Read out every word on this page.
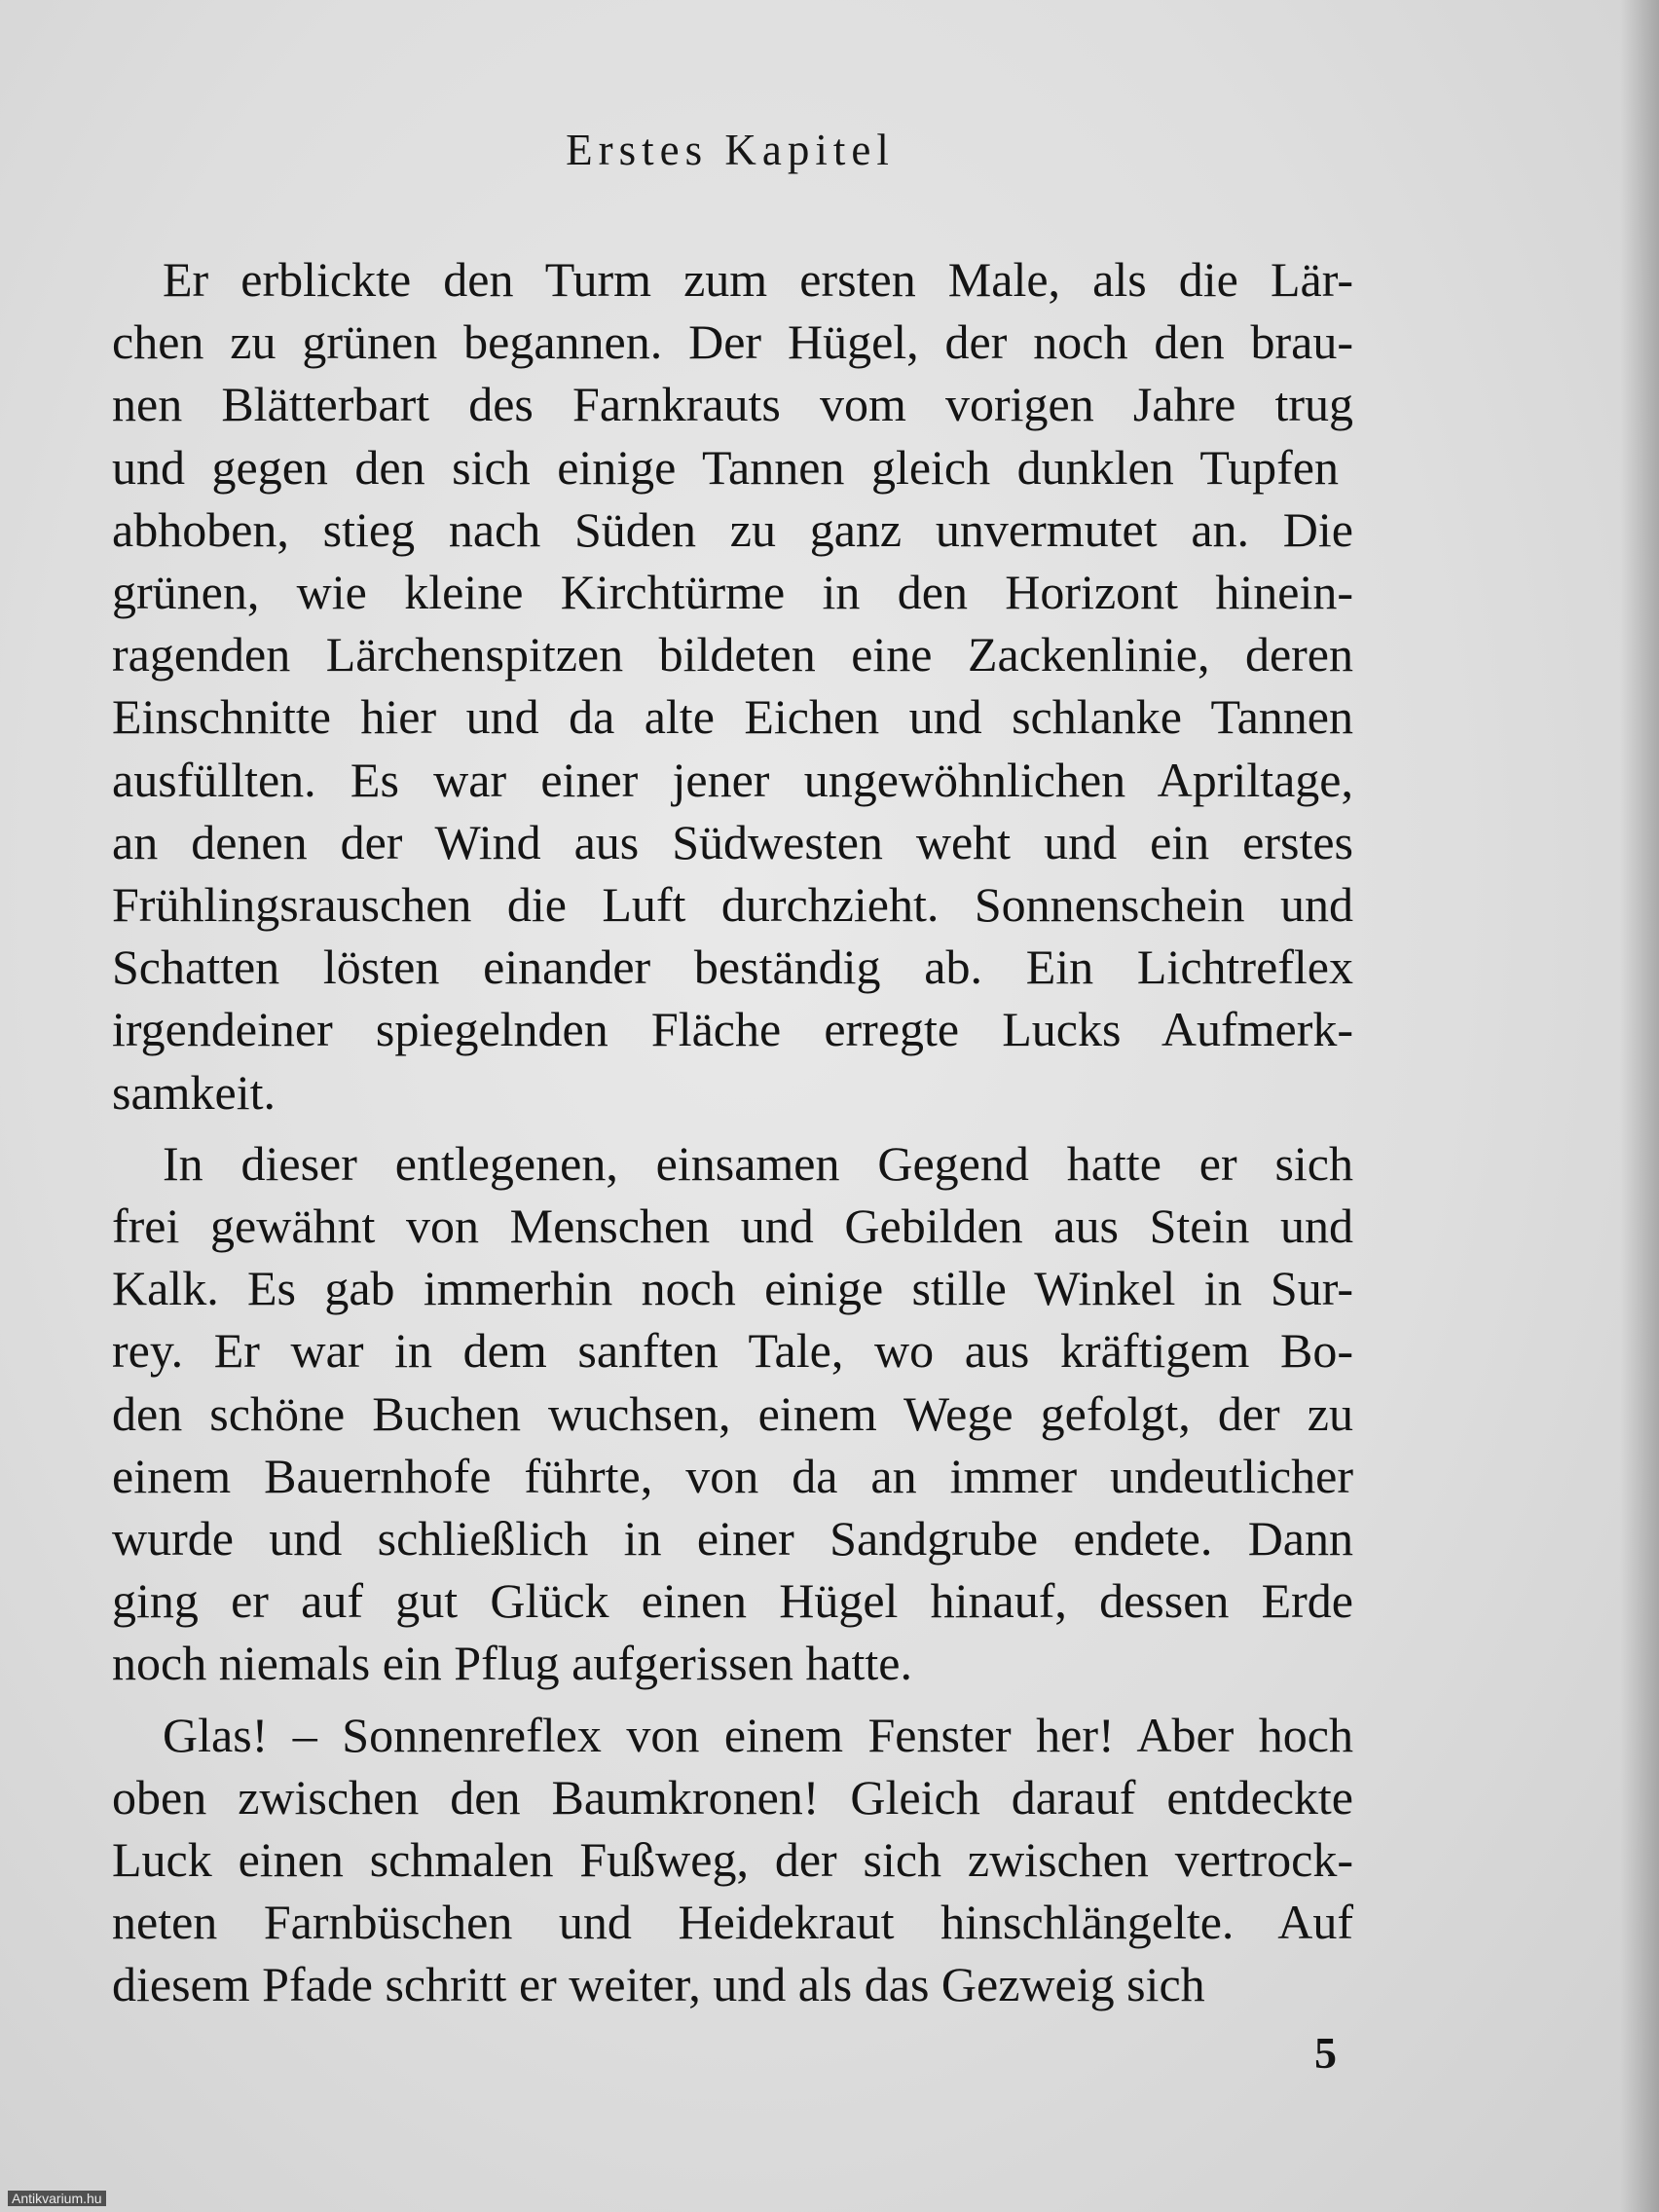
Erstes Kapitel
Er erblickte den Turm zum ersten Male, als die Lär-
chen zu grünen begannen. Der Hügel, der noch den brau-
nen Blätterbart des Farnkrauts vom vorigen Jahre trug
und gegen den sich einige Tannen gleich dunklen Tupfen
abhoben, stieg nach Süden zu ganz unvermutet an. Die
grünen, wie kleine Kirchtürme in den Horizont hinein-
ragenden Lärchenspitzen bildeten eine Zackenlinie, deren
Einschnitte hier und da alte Eichen und schlanke Tannen
ausfüllten. Es war einer jener ungewöhnlichen Apriltage,
an denen der Wind aus Südwesten weht und ein erstes
Frühlingsrauschen die Luft durchzieht. Sonnenschein und
Schatten lösten einander beständig ab. Ein Lichtreflex
irgendeiner spiegelnden Fläche erregte Lucks Aufmerk-
samkeit.
In dieser entlegenen, einsamen Gegend hatte er sich
frei gewähnt von Menschen und Gebilden aus Stein und
Kalk. Es gab immerhin noch einige stille Winkel in Sur-
rey. Er war in dem sanften Tale, wo aus kräftigem Bo-
den schöne Buchen wuchsen, einem Wege gefolgt, der zu
einem Bauernhofe führte, von da an immer undeutlicher
wurde und schließlich in einer Sandgrube endete. Dann
ging er auf gut Glück einen Hügel hinauf, dessen Erde
noch niemals ein Pflug aufgerissen hatte.
Glas! – Sonnenreflex von einem Fenster her! Aber hoch
oben zwischen den Baumkronen! Gleich darauf entdeckte
Luck einen schmalen Fußweg, der sich zwischen vertrock-
neten Farnbüschen und Heidekraut hinschlängelte. Auf
diesem Pfade schritt er weiter, und als das Gezweig sich
5
Antikvarium.hu
